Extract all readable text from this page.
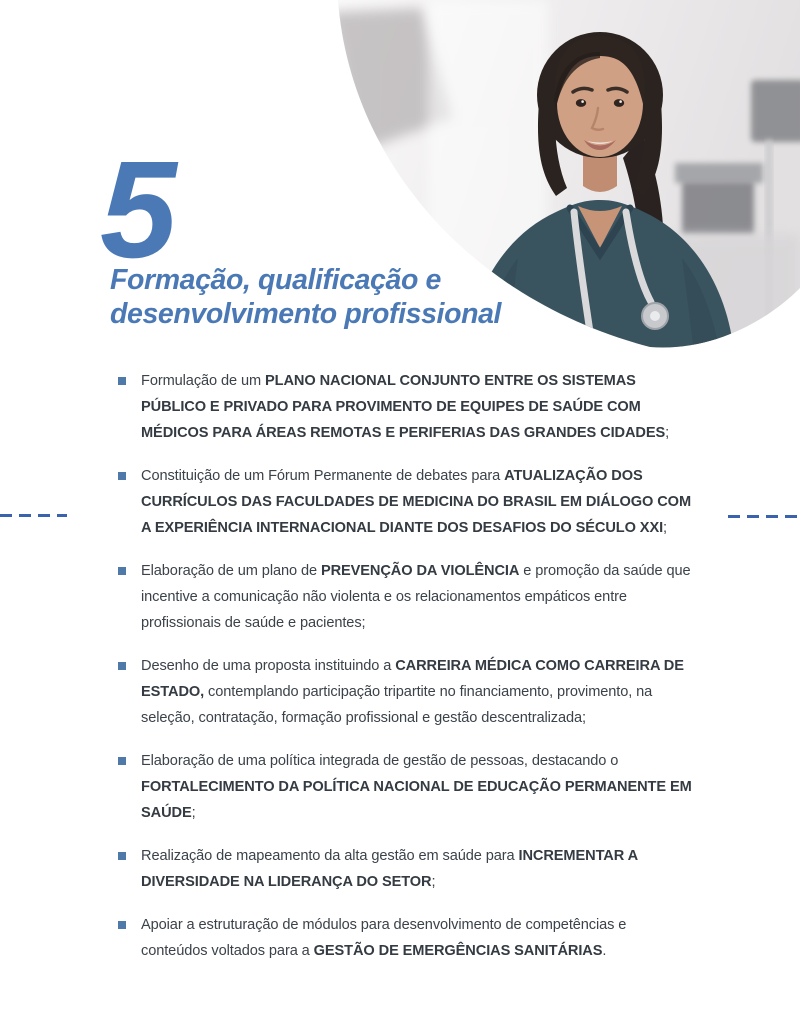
5
Formação, qualificação e
desenvolvimento profissional
Formulação de um PLANO NACIONAL CONJUNTO ENTRE OS SISTEMAS PÚBLICO E PRIVADO PARA PROVIMENTO DE EQUIPES DE SAÚDE COM MÉDICOS PARA ÁREAS REMOTAS E PERIFERIAS DAS GRANDES CIDADES;
Constituição de um Fórum Permanente de debates para ATUALIZAÇÃO DOS CURRÍCULOS DAS FACULDADES DE MEDICINA DO BRASIL EM DIÁLOGO COM A EXPERIÊNCIA INTERNACIONAL DIANTE DOS DESAFIOS DO SÉCULO XXI;
Elaboração de um plano de PREVENÇÃO DA VIOLÊNCIA e promoção da saúde que incentive a comunicação não violenta e os relacionamentos empáticos entre profissionais de saúde e pacientes;
Desenho de uma proposta instituindo a CARREIRA MÉDICA COMO CARREIRA DE ESTADO, contemplando participação tripartite no financiamento, provimento, na seleção, contratação, formação profissional e gestão descentralizada;
Elaboração de uma política integrada de gestão de pessoas, destacando o FORTALECIMENTO DA POLÍTICA NACIONAL DE EDUCAÇÃO PERMANENTE EM SAÚDE;
Realização de mapeamento da alta gestão em saúde para INCREMENTAR A DIVERSIDADE NA LIDERANÇA DO SETOR;
Apoiar a estruturação de módulos para desenvolvimento de competências e conteúdos voltados para a GESTÃO DE EMERGÊNCIAS SANITÁRIAS.
